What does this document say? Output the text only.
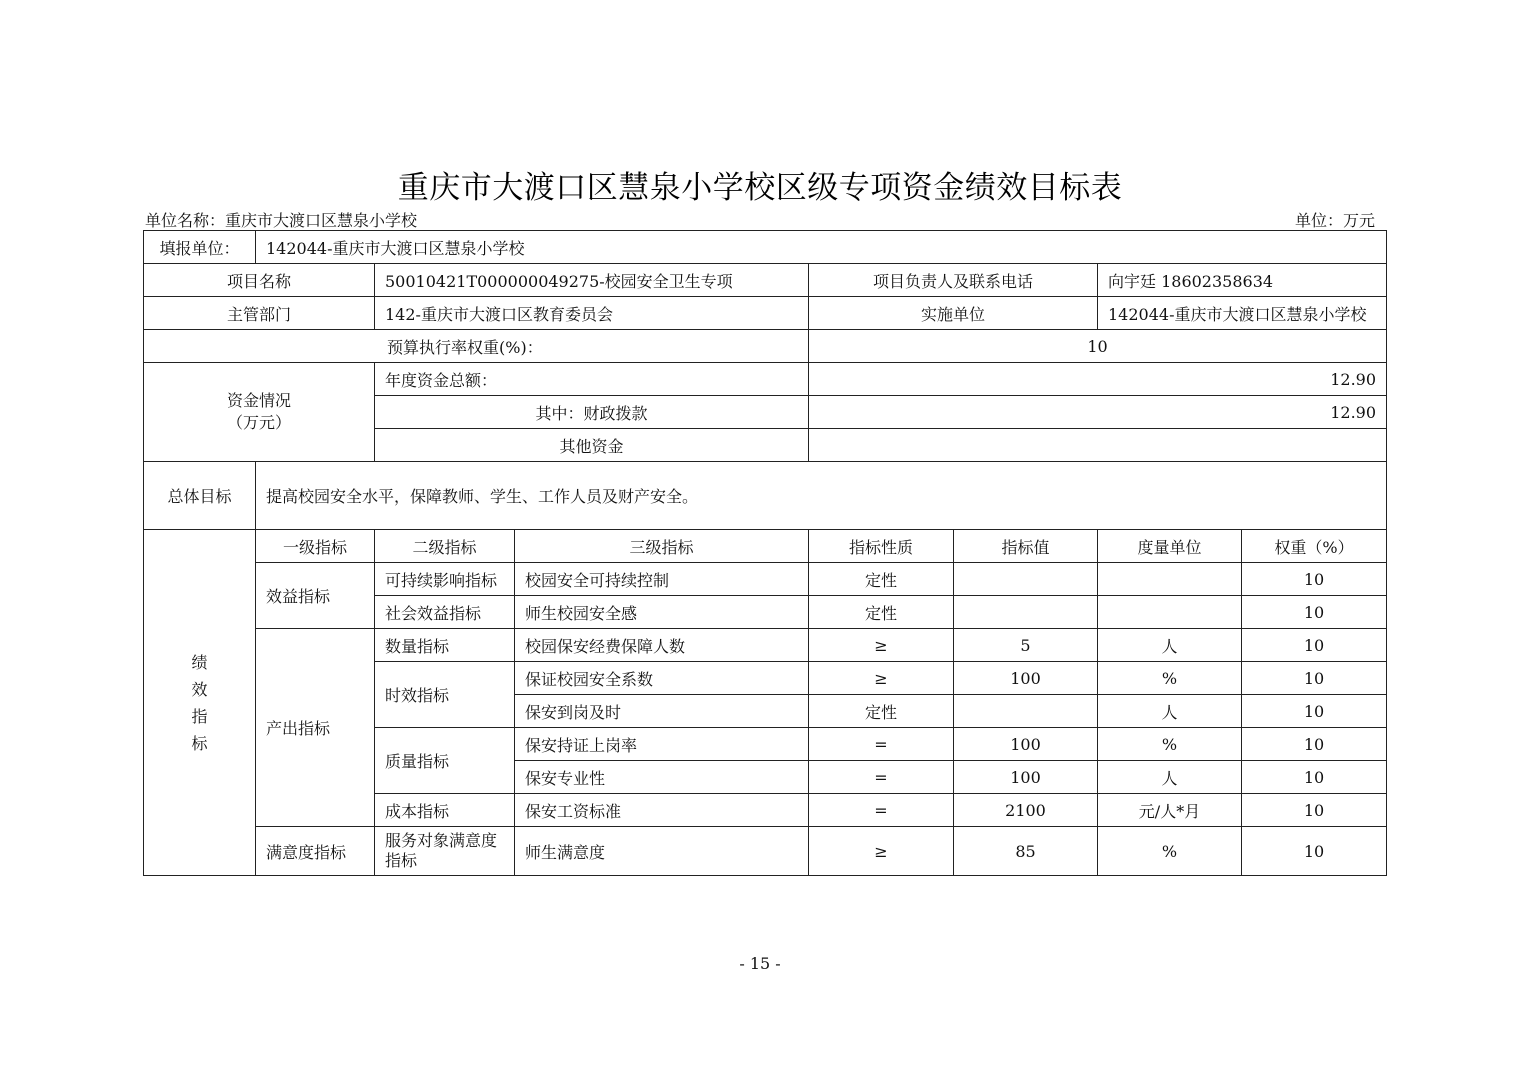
重庆市大渡口区慧泉小学校区级专项资金绩效目标表
单位名称：重庆市大渡口区慧泉小学校	单位：万元
填报单位：	142044-重庆市大渡口区慧泉小学校						
项目名称		50010421T000000049275-校园安全卫生专项		项目负责人及联系电话		向宇廷 18602358634	
主管部门		142-重庆市大渡口区教育委员会		实施单位		142044-重庆市大渡口区慧泉小学校	
预算执行率权重(%)：				10			
资金情况
（万元）		年度资金总额：		12.90			
		其中：财政拨款		12.90			
		其他资金					
总体目标	提高校园安全水平，保障教师、学生、工作人员及财产安全。						
绩
效
指
标	一级指标	二级指标	三级指标	指标性质	指标值	度量单位	权重（%）
	效益指标	可持续影响指标	校园安全可持续控制	定性			10
		社会效益指标	师生校园安全感	定性			10
	产出指标	数量指标	校园保安经费保障人数	≥	5	人	10
		时效指标	保证校园安全系数	≥	100	%	10
			保安到岗及时	定性		人	10
		质量指标	保安持证上岗率	=	100	%	10
			保安专业性	=	100	人	10
		成本指标	保安工资标准	=	2100	元/人*月	10
	满意度指标	服务对象满意度指标	师生满意度	≥	85	%	10
- 15 -
